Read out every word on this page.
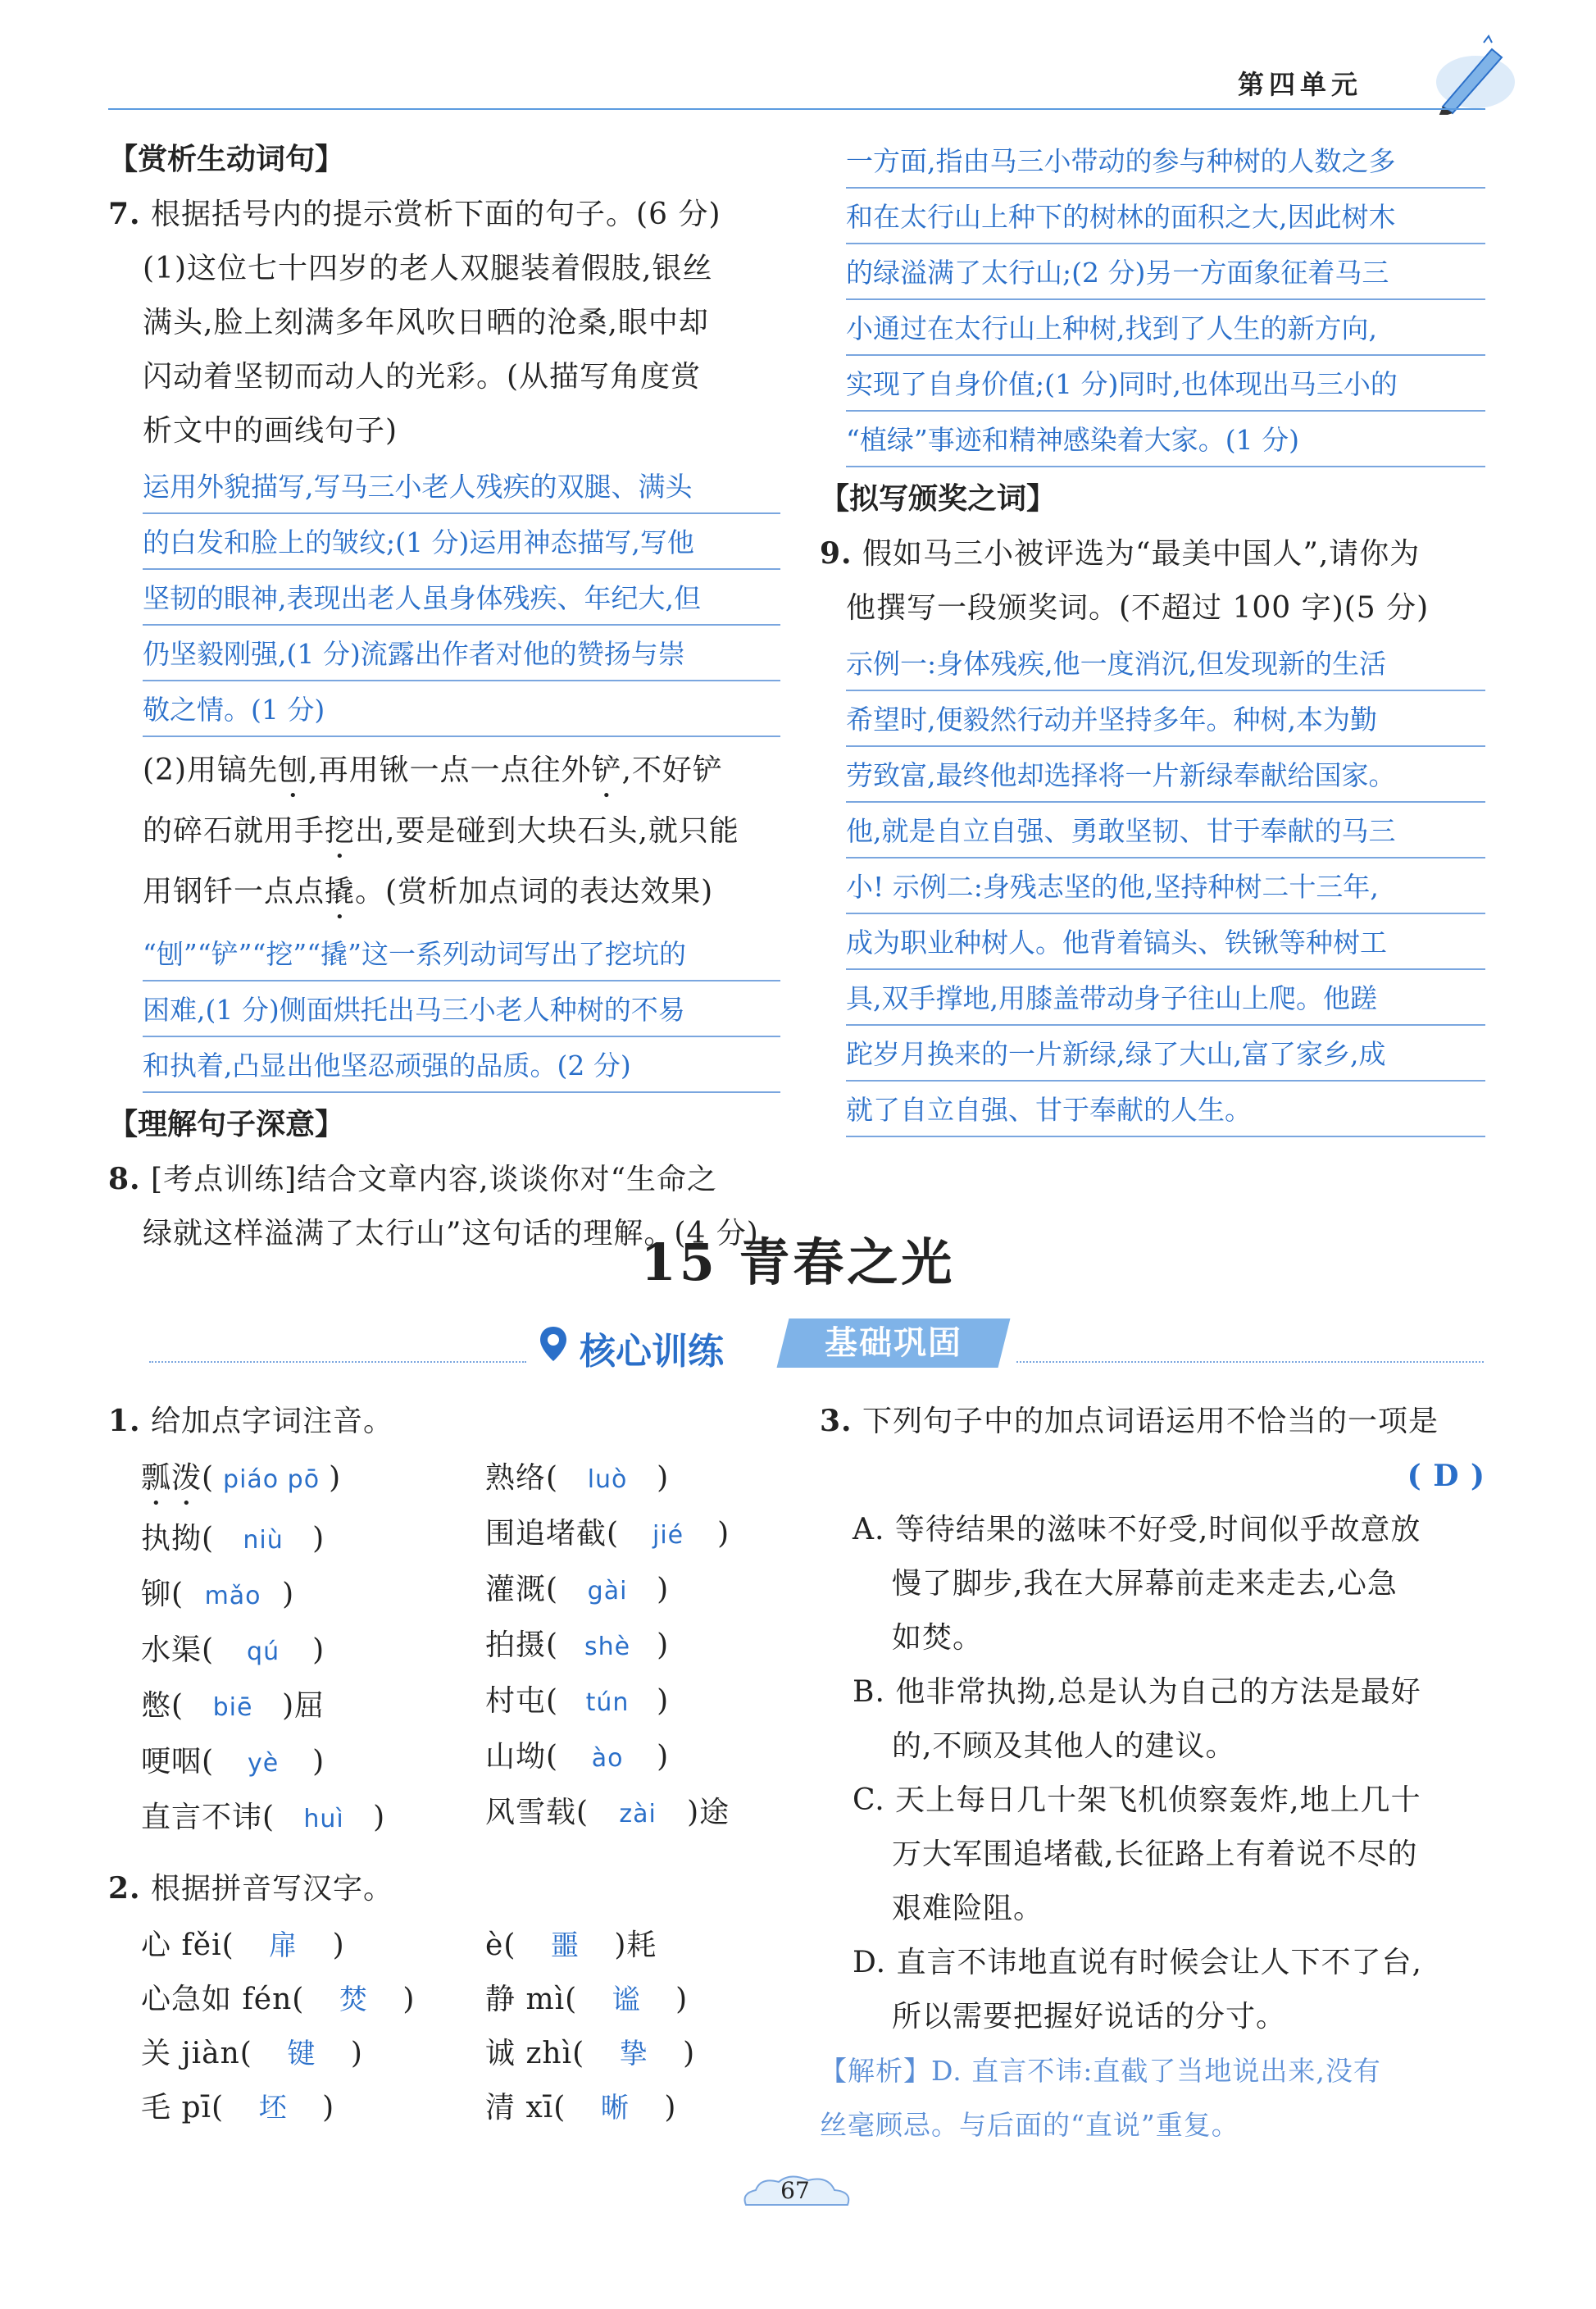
第四单元
【赏析生动词句】
7. 根据括号内的提示赏析下面的句子。(6 分)
(1)这位七十四岁的老人双腿装着假肢,银丝
满头,脸上刻满多年风吹日晒的沧桑,眼中却
闪动着坚韧而动人的光彩。(从描写角度赏
析文中的画线句子)
运用外貌描写,写马三小老人残疾的双腿、满头
的白发和脸上的皱纹;(1 分)运用神态描写,写他
坚韧的眼神,表现出老人虽身体残疾、年纪大,但
仍坚毅刚强,(1 分)流露出作者对他的赞扬与崇
敬之情。(1 分)
(2)用镐先刨,再用锹一点一点往外铲,不好铲
的碎石就用手挖出,要是碰到大块石头,就只能
用钢钎一点点撬。(赏析加点词的表达效果)
“刨”“铲”“挖”“撬”这一系列动词写出了挖坑的
困难,(1 分)侧面烘托出马三小老人种树的不易
和执着,凸显出他坚忍顽强的品质。(2 分)
【理解句子深意】
8. [考点训练]结合文章内容,谈谈你对“生命之
绿就这样溢满了太行山”这句话的理解。(4 分)
一方面,指由马三小带动的参与种树的人数之多
和在太行山上种下的树林的面积之大,因此树木
的绿溢满了太行山;(2 分)另一方面象征着马三
小通过在太行山上种树,找到了人生的新方向,
实现了自身价值;(1 分)同时,也体现出马三小的
“植绿”事迹和精神感染着大家。(1 分)
【拟写颁奖之词】
9. 假如马三小被评选为“最美中国人”,请你为
他撰写一段颁奖词。(不超过 100 字)(5 分)
示例一:身体残疾,他一度消沉,但发现新的生活
希望时,便毅然行动并坚持多年。种树,本为勤
劳致富,最终他却选择将一片新绿奉献给国家。
他,就是自立自强、勇敢坚韧、甘于奉献的马三
小! 示例二:身残志坚的他,坚持种树二十三年,
成为职业种树人。他背着镐头、铁锹等种树工
具,双手撑地,用膝盖带动身子往山上爬。他蹉
跎岁月换来的一片新绿,绿了大山,富了家乡,成
就了自立自强、甘于奉献的人生。
15 青春之光
核心训练	基础巩固
1. 给加点字词注音。
瓢泼( piáo pō )
执拗( niù )
铆( mǎo )
水渠( qú )
憋( biē )屈
哽咽( yè )
直言不讳( huì )
熟络( luò )
围追堵截( jié )
灌溉( gài )
拍摄( shè )
村屯( tún )
山坳( ào )
风雪载( zài )途
2. 根据拼音写汉字。
心 fěi( 扉 )
心急如 fén( 焚 )
关 jiàn( 键 )
毛 pī( 坯 )
è( 噩 )耗
静 mì( 谧 )
诚 zhì( 挚 )
清 xī( 晰 )
3. 下列句子中的加点词语运用不恰当的一项是
( D )
A. 等待结果的滋味不好受,时间似乎故意放
慢了脚步,我在大屏幕前走来走去,心急
如焚。
B. 他非常执拗,总是认为自己的方法是最好
的,不顾及其他人的建议。
C. 天上每日几十架飞机侦察轰炸,地上几十
万大军围追堵截,长征路上有着说不尽的
艰难险阻。
D. 直言不讳地直说有时候会让人下不了台,
所以需要把握好说话的分寸。
【解析】D. 直言不讳:直截了当地说出来,没有
丝毫顾忌。与后面的“直说”重复。
67
